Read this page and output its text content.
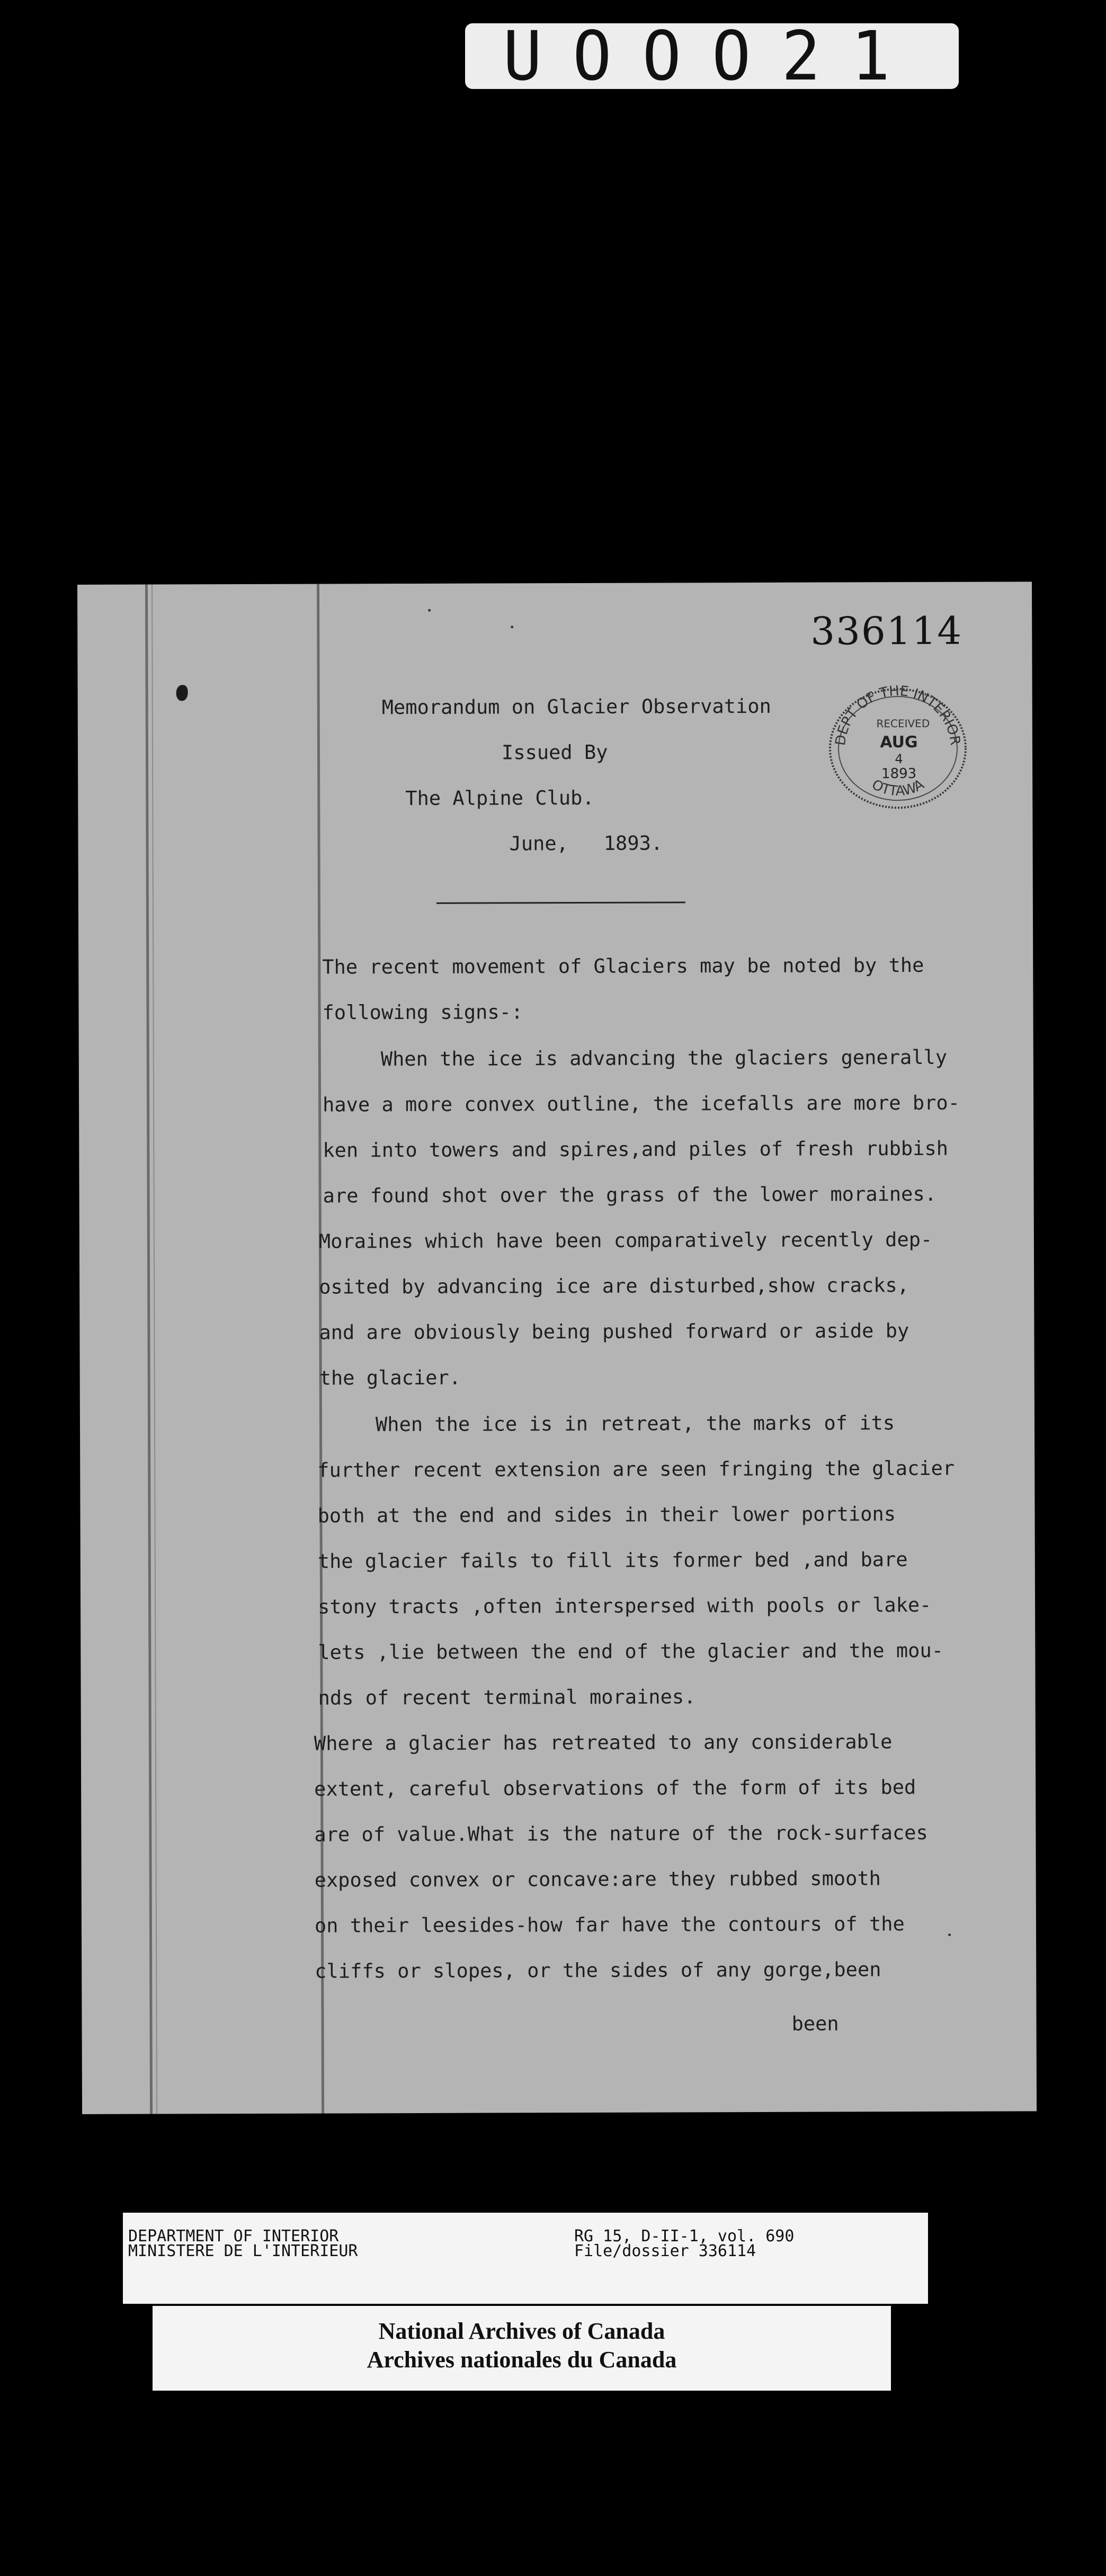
UOOO21
336114
Memorandum on Glacier Observation
Issued By
The Alpine Club.
June,   1893.
DEPT OF THE INTERIOR
RECEIVED
AUG
4
1893
OTTAWA
The recent movement of Glaciers may be noted by the
following signs-:
When the ice is advancing the glaciers generally
have a more convex outline, the icefalls are more bro-
ken into towers and spires,and piles of fresh rubbish
are found shot over the grass of the lower moraines.
Moraines which have been comparatively recently dep-
osited by advancing ice are disturbed,show cracks,
and are obviously being pushed forward or aside by
the glacier.
When the ice is in retreat, the marks of its
further recent extension are seen fringing the glacier
both at the end and sides in their lower portions
the glacier fails to fill its former bed ,and bare
stony tracts ,often interspersed with pools or lake-
lets ,lie between the end of the glacier and the mou-
nds of recent terminal moraines.
Where a glacier has retreated to any considerable
extent, careful observations of the form of its bed
are of value.What is the nature of the rock-surfaces
exposed convex or concave:are they rubbed smooth
on their leesides-how far have the contours of the
cliffs or slopes, or the sides of any gorge,been
been
DEPARTMENT OF INTERIOR
MINISTERE DE L'INTERIEUR
RG 15, D-II-1, vol. 690
File/dossier 336114
National Archives of Canada
Archives nationales du Canada
